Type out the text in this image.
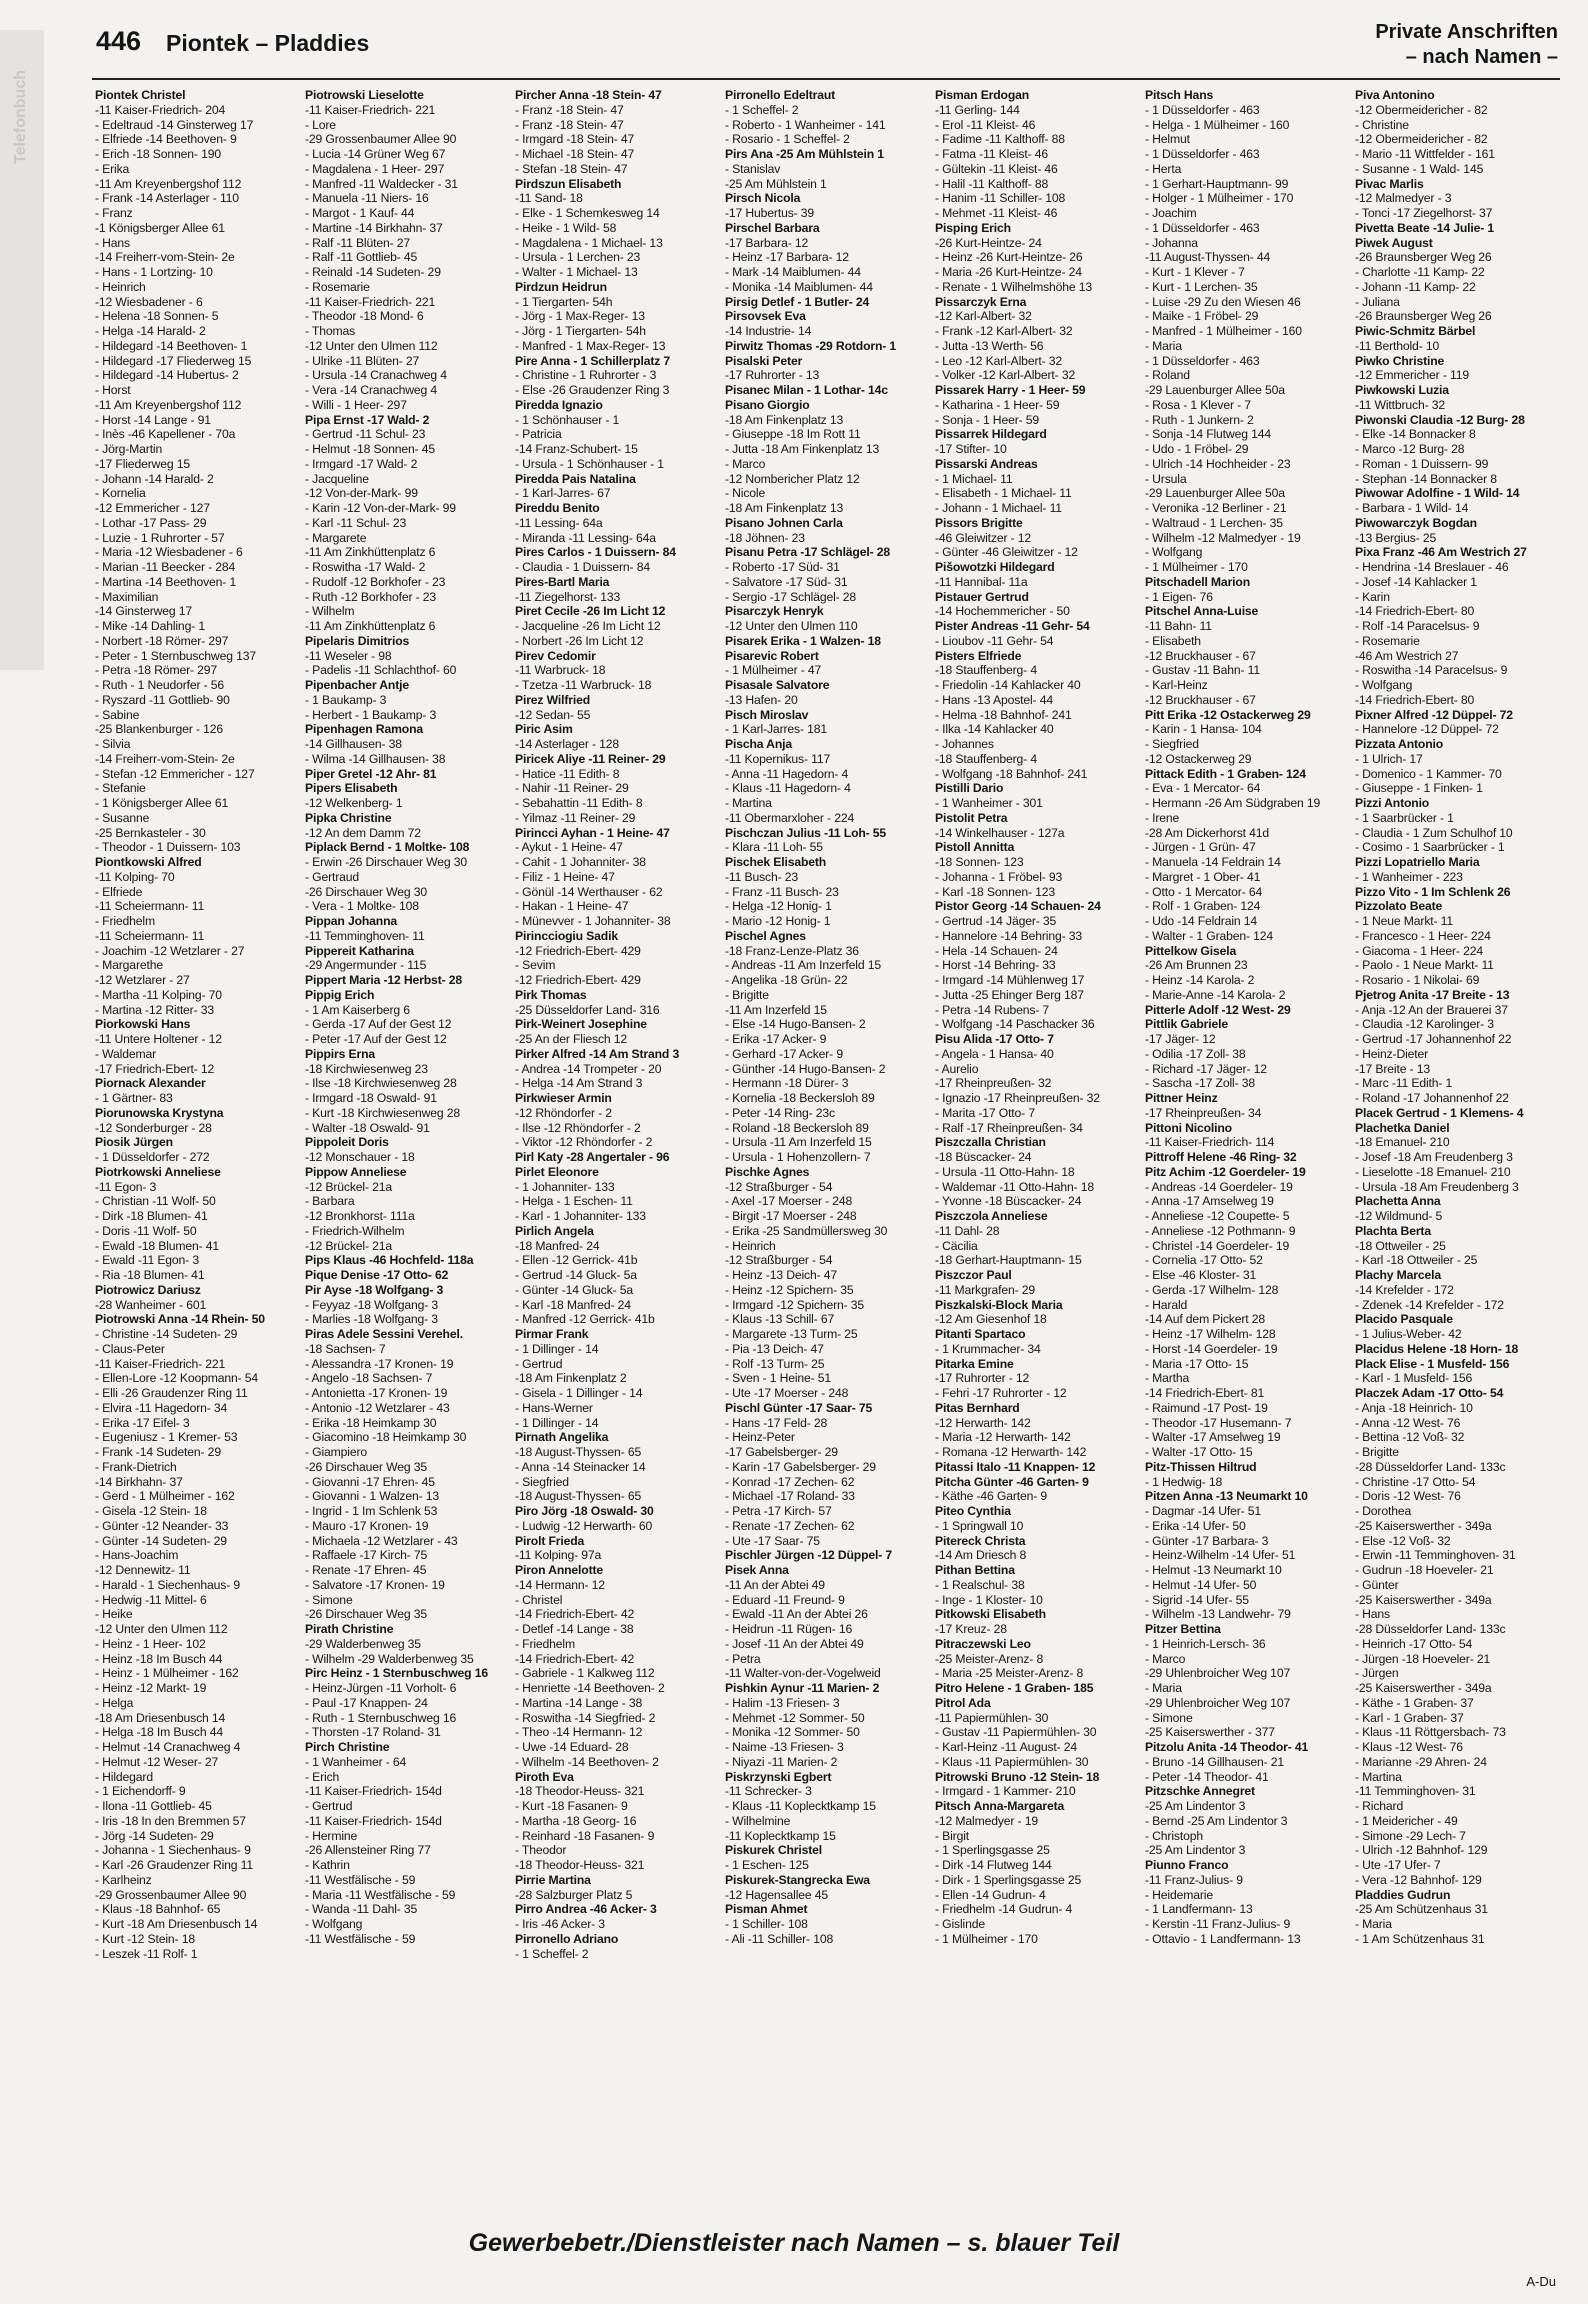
Telefonbuch
446 Piontek – Pladdies	Private Anschriften
– nach Namen –
Piontek Christel
-11 Kaiser-Friedrich- 204
- Edeltraud -14 Ginsterweg 17
- Elfriede -14 Beethoven- 9
- Erich -18 Sonnen- 190
- Erika
-11 Am Kreyenbergshof 112
- Frank -14 Asterlager - 110
- Franz
-1 Königsberger Allee 61
- Hans
-14 Freiherr-vom-Stein- 2e
- Hans - 1 Lortzing- 10
- Heinrich
-12 Wiesbadener - 6
- Helena -18 Sonnen- 5
- Helga -14 Harald- 2
- Hildegard -14 Beethoven- 1
- Hildegard -17 Fliederweg 15
- Hildegard -14 Hubertus- 2
- Horst
-11 Am Kreyenbergshof 112
- Horst -14 Lange - 91
- Inès -46 Kapellener - 70a
- Jörg-Martin
-17 Fliederweg 15
- Johann -14 Harald- 2
- Kornelia
-12 Emmericher - 127
- Lothar -17 Pass- 29
- Luzie - 1 Ruhrorter - 57
- Maria -12 Wiesbadener - 6
- Marian -11 Beecker - 284
- Martina -14 Beethoven- 1
- Maximilian
-14 Ginsterweg 17
- Mike -14 Dahling- 1
- Norbert -18 Römer- 297
- Peter - 1 Sternbuschweg 137
- Petra -18 Römer- 297
- Ruth - 1 Neudorfer - 56
- Ryszard -11 Gottlieb- 90
- Sabine
-25 Blankenburger - 126
- Silvia
-14 Freiherr-vom-Stein- 2e
- Stefan -12 Emmericher - 127
- Stefanie
- 1 Königsberger Allee 61
- Susanne
-25 Bernkasteler - 30
- Theodor - 1 Duissern- 103
Piontkowski Alfred
-11 Kolping- 70
- Elfriede
-11 Scheiermann- 11
- Friedhelm
-11 Scheiermann- 11
- Joachim -12 Wetzlarer - 27
- Margarethe
-12 Wetzlarer - 27
- Martha -11 Kolping- 70
- Martina -12 Ritter- 33
Piorkowski Hans
-11 Untere Holtener - 12
- Waldemar
-17 Friedrich-Ebert- 12
Piornack Alexander
- 1 Gärtner- 83
Piorunowska Krystyna
-12 Sonderburger - 28
Piosik Jürgen
- 1 Düsseldorfer - 272
Piotrkowski Anneliese
-11 Egon- 3
- Christian -11 Wolf- 50
- Dirk -18 Blumen- 41
- Doris -11 Wolf- 50
- Ewald -18 Blumen- 41
- Ewald -11 Egon- 3
- Ria -18 Blumen- 41
Piotrowicz Dariusz
-28 Wanheimer - 601
Piotrowski Anna -14 Rhein- 50
- Christine -14 Sudeten- 29
- Claus-Peter
-11 Kaiser-Friedrich- 221
- Ellen-Lore -12 Koopmann- 54
- Elli -26 Graudenzer Ring 11
- Elvira -11 Hagedorn- 34
- Erika -17 Eifel- 3
- Eugeniusz - 1 Kremer- 53
- Frank -14 Sudeten- 29
- Frank-Dietrich
-14 Birkhahn- 37
- Gerd - 1 Mülheimer - 162
- Gisela -12 Stein- 18
- Günter -12 Neander- 33
- Günter -14 Sudeten- 29
- Hans-Joachim
-12 Dennewitz- 11
- Harald - 1 Siechenhaus- 9
- Hedwig -11 Mittel- 6
- Heike
-12 Unter den Ulmen 112
- Heinz - 1 Heer- 102
- Heinz -18 Im Busch 44
- Heinz - 1 Mülheimer - 162
- Heinz -12 Markt- 19
- Helga
-18 Am Driesenbusch 14
- Helga -18 Im Busch 44
- Helmut -14 Cranachweg 4
- Helmut -12 Weser- 27
- Hildegard
- 1 Eichendorff- 9
- Ilona -11 Gottlieb- 45
- Iris -18 In den Bremmen 57
- Jörg -14 Sudeten- 29
- Johanna - 1 Siechenhaus- 9
- Karl -26 Graudenzer Ring 11
- Karlheinz
-29 Grossenbaumer Allee 90
- Klaus -18 Bahnhof- 65
- Kurt -18 Am Driesenbusch 14
- Kurt -12 Stein- 18
- Leszek -11 Rolf- 1
Piotrowski Lieselotte
-11 Kaiser-Friedrich- 221
- Lore
-29 Grossenbaumer Allee 90
- Lucia -14 Grüner Weg 67
- Magdalena - 1 Heer- 297
- Manfred -11 Waldecker - 31
- Manuela -11 Niers- 16
- Margot - 1 Kauf- 44
- Martine -14 Birkhahn- 37
- Ralf -11 Blüten- 27
- Ralf -11 Gottlieb- 45
- Reinald -14 Sudeten- 29
- Rosemarie
-11 Kaiser-Friedrich- 221
- Theodor -18 Mond- 6
- Thomas
-12 Unter den Ulmen 112
- Ulrike -11 Blüten- 27
- Ursula -14 Cranachweg 4
- Vera -14 Cranachweg 4
- Willi - 1 Heer- 297
Pipa Ernst -17 Wald- 2
- Gertrud -11 Schul- 23
- Helmut -18 Sonnen- 45
- Irmgard -17 Wald- 2
- Jacqueline
-12 Von-der-Mark- 99
- Karin -12 Von-der-Mark- 99
- Karl -11 Schul- 23
- Margarete
-11 Am Zinkhüttenplatz 6
- Roswitha -17 Wald- 2
- Rudolf -12 Borkhofer - 23
- Ruth -12 Borkhofer - 23
- Wilhelm
-11 Am Zinkhüttenplatz 6
Pipelaris Dimitrios
-11 Weseler - 98
- Padelis -11 Schlachthof- 60
Pipenbacher Antje
- 1 Baukamp- 3
- Herbert - 1 Baukamp- 3
Pipenhagen Ramona
-14 Gillhausen- 38
- Wilma -14 Gillhausen- 38
Piper Gretel -12 Ahr- 81
Pipers Elisabeth
-12 Welkenberg- 1
Pipka Christine
-12 An dem Damm 72
Piplack Bernd - 1 Moltke- 108
- Erwin -26 Dirschauer Weg 30
- Gertraud
-26 Dirschauer Weg 30
- Vera - 1 Moltke- 108
Pippan Johanna
-11 Temminghoven- 11
Pippereit Katharina
-29 Angermunder - 115
Pippert Maria -12 Herbst- 28
Pippig Erich
- 1 Am Kaiserberg 6
- Gerda -17 Auf der Gest 12
- Peter -17 Auf der Gest 12
Pippirs Erna
-18 Kirchwiesenweg 23
- Ilse -18 Kirchwiesenweg 28
- Irmgard -18 Oswald- 91
- Kurt -18 Kirchwiesenweg 28
- Walter -18 Oswald- 91
Pippoleit Doris
-12 Monschauer - 18
Pippow Anneliese
-12 Brückel- 21a
- Barbara
-12 Bronkhorst- 111a
- Friedrich-Wilhelm
-12 Brückel- 21a
Pips Klaus -46 Hochfeld- 118a
Pique Denise -17 Otto- 62
Pir Ayse -18 Wolfgang- 3
- Feyyaz -18 Wolfgang- 3
- Marlies -18 Wolfgang- 3
Piras Adele Sessini Verehel.
-18 Sachsen- 7
- Alessandra -17 Kronen- 19
- Angelo -18 Sachsen- 7
- Antonietta -17 Kronen- 19
- Antonio -12 Wetzlarer - 43
- Erika -18 Heimkamp 30
- Giacomino -18 Heimkamp 30
- Giampiero
-26 Dirschauer Weg 35
- Giovanni -17 Ehren- 45
- Giovanni - 1 Walzen- 13
- Ingrid - 1 Im Schlenk 53
- Mauro -17 Kronen- 19
- Michaela -12 Wetzlarer - 43
- Raffaele -17 Kirch- 75
- Renate -17 Ehren- 45
- Salvatore -17 Kronen- 19
- Simone
-26 Dirschauer Weg 35
Pirath Christine
-29 Walderbenweg 35
- Wilhelm -29 Walderbenweg 35
Pirc Heinz - 1 Sternbuschweg 16
- Heinz-Jürgen -11 Vorholt- 6
- Paul -17 Knappen- 24
- Ruth - 1 Sternbuschweg 16
- Thorsten -17 Roland- 31
Pirch Christine
- 1 Wanheimer - 64
- Erich
-11 Kaiser-Friedrich- 154d
- Gertrud
-11 Kaiser-Friedrich- 154d
- Hermine
-26 Allensteiner Ring 77
- Kathrin
-11 Westfälische - 59
- Maria -11 Westfälische - 59
- Wanda -11 Dahl- 35
- Wolfgang
-11 Westfälische - 59
Pircher Anna -18 Stein- 47
- Franz -18 Stein- 47
- Franz -18 Stein- 47
- Irmgard -18 Stein- 47
- Michael -18 Stein- 47
- Stefan -18 Stein- 47
Pirdszun Elisabeth
-11 Sand- 18
- Elke - 1 Schemkesweg 14
- Heike - 1 Wild- 58
- Magdalena - 1 Michael- 13
- Ursula - 1 Lerchen- 23
- Walter - 1 Michael- 13
Pirdzun Heidrun
- 1 Tiergarten- 54h
- Jörg - 1 Max-Reger- 13
- Jörg - 1 Tiergarten- 54h
- Manfred - 1 Max-Reger- 13
Pire Anna - 1 Schillerplatz 7
- Christine - 1 Ruhrorter - 3
- Else -26 Graudenzer Ring 3
Piredda Ignazio
- 1 Schönhauser - 1
- Patricia
-14 Franz-Schubert- 15
- Ursula - 1 Schönhauser - 1
Piredda Pais Natalina
- 1 Karl-Jarres- 67
Pireddu Benito
-11 Lessing- 64a
- Miranda -11 Lessing- 64a
Pires Carlos - 1 Duissern- 84
- Claudia - 1 Duissern- 84
Pires-Bartl Maria
-11 Ziegelhorst- 133
Piret Cecile -26 Im Licht 12
- Jacqueline -26 Im Licht 12
- Norbert -26 Im Licht 12
Pirev Cedomir
-11 Warbruck- 18
- Tzetza -11 Warbruck- 18
Pirez Wilfried
-12 Sedan- 55
Piric Asim
-14 Asterlager - 128
Piricek Aliye -11 Reiner- 29
- Hatice -11 Edith- 8
- Nahir -11 Reiner- 29
- Sebahattin -11 Edith- 8
- Yilmaz -11 Reiner- 29
Pirincci Ayhan - 1 Heine- 47
- Aykut - 1 Heine- 47
- Cahit - 1 Johanniter- 38
- Filiz - 1 Heine- 47
- Gönül -14 Werthauser - 62
- Hakan - 1 Heine- 47
- Münevver - 1 Johanniter- 38
Pirincciogiu Sadik
-12 Friedrich-Ebert- 429
- Sevim
-12 Friedrich-Ebert- 429
Pirk Thomas
-25 Düsseldorfer Land- 316
Pirk-Weinert Josephine
-25 An der Fliesch 12
Pirker Alfred -14 Am Strand 3
- Andrea -14 Trompeter - 20
- Helga -14 Am Strand 3
Pirkwieser Armin
-12 Rhöndorfer - 2
- Ilse -12 Rhöndorfer - 2
- Viktor -12 Rhöndorfer - 2
Pirl Katy -28 Angertaler - 96
Pirlet Eleonore
- 1 Johanniter- 133
- Helga - 1 Eschen- 11
- Karl - 1 Johanniter- 133
Pirlich Angela
-18 Manfred- 24
- Ellen -12 Gerrick- 41b
- Gertrud -14 Gluck- 5a
- Günter -14 Gluck- 5a
- Karl -18 Manfred- 24
- Manfred -12 Gerrick- 41b
Pirmar Frank
- 1 Dillinger - 14
- Gertrud
-18 Am Finkenplatz 2
- Gisela - 1 Dillinger - 14
- Hans-Werner
- 1 Dillinger - 14
Pirnath Angelika
-18 August-Thyssen- 65
- Anna -14 Steinacker 14
- Siegfried
-18 August-Thyssen- 65
Piro Jörg -18 Oswald- 30
- Ludwig -12 Herwarth- 60
Pirolt Frieda
-11 Kolping- 97a
Piron Annelotte
-14 Hermann- 12
- Christel
-14 Friedrich-Ebert- 42
- Detlef -14 Lange - 38
- Friedhelm
-14 Friedrich-Ebert- 42
- Gabriele - 1 Kalkweg 112
- Henriette -14 Beethoven- 2
- Martina -14 Lange - 38
- Roswitha -14 Siegfried- 2
- Theo -14 Hermann- 12
- Uwe -14 Eduard- 28
- Wilhelm -14 Beethoven- 2
Piroth Eva
-18 Theodor-Heuss- 321
- Kurt -18 Fasanen- 9
- Martha -18 Georg- 16
- Reinhard -18 Fasanen- 9
- Theodor
-18 Theodor-Heuss- 321
Pirrie Martina
-28 Salzburger Platz 5
Pirro Andrea -46 Acker- 3
- Iris -46 Acker- 3
Pirronello Adriano
- 1 Scheffel- 2
Pirronello Edeltraut
- 1 Scheffel- 2
- Roberto - 1 Wanheimer - 141
- Rosario - 1 Scheffel- 2
Pirs Ana -25 Am Mühlstein 1
- Stanislav
-25 Am Mühlstein 1
Pirsch Nicola
-17 Hubertus- 39
Pirschel Barbara
-17 Barbara- 12
- Heinz -17 Barbara- 12
- Mark -14 Maiblumen- 44
- Monika -14 Maiblumen- 44
Pirsig Detlef - 1 Butler- 24
Pirsovsek Eva
-14 Industrie- 14
Pirwitz Thomas -29 Rotdorn- 1
Pisalski Peter
-17 Ruhrorter - 13
Pisanec Milan - 1 Lothar- 14c
Pisano Giorgio
-18 Am Finkenplatz 13
- Giuseppe -18 Im Rott 11
- Jutta -18 Am Finkenplatz 13
- Marco
-12 Nombericher Platz 12
- Nicole
-18 Am Finkenplatz 13
Pisano Johnen Carla
-18 Jöhnen- 23
Pisanu Petra -17 Schlägel- 28
- Roberto -17 Süd- 31
- Salvatore -17 Süd- 31
- Sergio -17 Schlägel- 28
Pisarczyk Henryk
-12 Unter den Ulmen 110
Pisarek Erika - 1 Walzen- 18
Pisarevic Robert
- 1 Mülheimer - 47
Pisasale Salvatore
-13 Hafen- 20
Pisch Miroslav
- 1 Karl-Jarres- 181
Pischa Anja
-11 Kopernikus- 117
- Anna -11 Hagedorn- 4
- Klaus -11 Hagedorn- 4
- Martina
-11 Obermarxloher - 224
Pischczan Julius -11 Loh- 55
- Klara -11 Loh- 55
Pischek Elisabeth
-11 Busch- 23
- Franz -11 Busch- 23
- Helga -12 Honig- 1
- Mario -12 Honig- 1
Pischel Agnes
-18 Franz-Lenze-Platz 36
- Andreas -11 Am Inzerfeld 15
- Angelika -18 Grün- 22
- Brigitte
-11 Am Inzerfeld 15
- Else -14 Hugo-Bansen- 2
- Erika -17 Acker- 9
- Gerhard -17 Acker- 9
- Günther -14 Hugo-Bansen- 2
- Hermann -18 Dürer- 3
- Kornelia -18 Beckersloh 89
- Peter -14 Ring- 23c
- Roland -18 Beckersloh 89
- Ursula -11 Am Inzerfeld 15
- Ursula - 1 Hohenzollern- 7
Pischke Agnes
-12 Straßburger - 54
- Axel -17 Moerser - 248
- Birgit -17 Moerser - 248
- Erika -25 Sandmüllersweg 30
- Heinrich
-12 Straßburger - 54
- Heinz -13 Deich- 47
- Heinz -12 Spichern- 35
- Irmgard -12 Spichern- 35
- Klaus -13 Schill- 67
- Margarete -13 Turm- 25
- Pia -13 Deich- 47
- Rolf -13 Turm- 25
- Sven - 1 Heine- 51
- Ute -17 Moerser - 248
Pischl Günter -17 Saar- 75
- Hans -17 Feld- 28
- Heinz-Peter
-17 Gabelsberger- 29
- Karin -17 Gabelsberger- 29
- Konrad -17 Zechen- 62
- Michael -17 Roland- 33
- Petra -17 Kirch- 57
- Renate -17 Zechen- 62
- Ute -17 Saar- 75
Pischler Jürgen -12 Düppel- 7
Pisek Anna
-11 An der Abtei 49
- Eduard -11 Freund- 9
- Ewald -11 An der Abtei 26
- Heidrun -11 Rügen- 16
- Josef -11 An der Abtei 49
- Petra
-11 Walter-von-der-Vogelweid
Pishkin Aynur -11 Marien- 2
- Halim -13 Friesen- 3
- Mehmet -12 Sommer- 50
- Monika -12 Sommer- 50
- Naime -13 Friesen- 3
- Niyazi -11 Marien- 2
Piskrzynski Egbert
-11 Schrecker- 3
- Klaus -11 Koplecktkamp 15
- Wilhelmine
-11 Koplecktkamp 15
Piskurek Christel
- 1 Eschen- 125
Piskurek-Stangrecka Ewa
-12 Hagensallee 45
Pisman Ahmet
- 1 Schiller- 108
- Ali -11 Schiller- 108
Pisman Erdogan
-11 Gerling- 144
- Erol -11 Kleist- 46
- Fadime -11 Kalthoff- 88
- Fatma -11 Kleist- 46
- Gültekin -11 Kleist- 46
- Halil -11 Kalthoff- 88
- Hanim -11 Schiller- 108
- Mehmet -11 Kleist- 46
Pisping Erich
-26 Kurt-Heintze- 24
- Heinz -26 Kurt-Heintze- 26
- Maria -26 Kurt-Heintze- 24
- Renate - 1 Wilhelmshöhe 13
Pissarczyk Erna
-12 Karl-Albert- 32
- Frank -12 Karl-Albert- 32
- Jutta -13 Werth- 56
- Leo -12 Karl-Albert- 32
- Volker -12 Karl-Albert- 32
Pissarek Harry - 1 Heer- 59
- Katharina - 1 Heer- 59
- Sonja - 1 Heer- 59
Pissarrek Hildegard
-17 Stifter- 10
Pissarski Andreas
- 1 Michael- 11
- Elisabeth - 1 Michael- 11
- Johann - 1 Michael- 11
Pissors Brigitte
-46 Gleiwitzer - 12
- Günter -46 Gleiwitzer - 12
Pišowotzki Hildegard
-11 Hannibal- 11a
Pistauer Gertrud
-14 Hochemmericher - 50
Pister Andreas -11 Gehr- 54
- Lioubov -11 Gehr- 54
Pisters Elfriede
-18 Stauffenberg- 4
- Friedolin -14 Kahlacker 40
- Hans -13 Apostel- 44
- Helma -18 Bahnhof- 241
- Ilka -14 Kahlacker 40
- Johannes
-18 Stauffenberg- 4
- Wolfgang -18 Bahnhof- 241
Pistilli Dario
- 1 Wanheimer - 301
Pistolit Petra
-14 Winkelhauser - 127a
Pistoll Annitta
-18 Sonnen- 123
- Johanna - 1 Fröbel- 93
- Karl -18 Sonnen- 123
Pistor Georg -14 Schauen- 24
- Gertrud -14 Jäger- 35
- Hannelore -14 Behring- 33
- Hela -14 Schauen- 24
- Horst -14 Behring- 33
- Irmgard -14 Mühlenweg 17
- Jutta -25 Ehinger Berg 187
- Petra -14 Rubens- 7
- Wolfgang -14 Paschacker 36
Pisu Alida -17 Otto- 7
- Angela - 1 Hansa- 40
- Aurelio
-17 Rheinpreußen- 32
- Ignazio -17 Rheinpreußen- 32
- Marita -17 Otto- 7
- Ralf -17 Rheinpreußen- 34
Piszczalla Christian
-18 Büscacker- 24
- Ursula -11 Otto-Hahn- 18
- Waldemar -11 Otto-Hahn- 18
- Yvonne -18 Büscacker- 24
Piszczola Anneliese
-11 Dahl- 28
- Cäcilia
-18 Gerhart-Hauptmann- 15
Piszczor Paul
-11 Markgrafen- 29
Piszkalski-Block Maria
-12 Am Giesenhof 18
Pitanti Spartaco
- 1 Krummacher- 34
Pitarka Emine
-17 Ruhrorter - 12
- Fehri -17 Ruhrorter - 12
Pitas Bernhard
-12 Herwarth- 142
- Maria -12 Herwarth- 142
- Romana -12 Herwarth- 142
Pitassi Italo -11 Knappen- 12
Pitcha Günter -46 Garten- 9
- Käthe -46 Garten- 9
Piteo Cynthia
- 1 Springwall 10
Pitereck Christa
-14 Am Driesch 8
Pithan Bettina
- 1 Realschul- 38
- Inge - 1 Kloster- 10
Pitkowski Elisabeth
-17 Kreuz- 28
Pitraczewski Leo
-25 Meister-Arenz- 8
- Maria -25 Meister-Arenz- 8
Pitro Helene - 1 Graben- 185
Pitrol Ada
-11 Papiermühlen- 30
- Gustav -11 Papiermühlen- 30
- Karl-Heinz -11 August- 24
- Klaus -11 Papiermühlen- 30
Pitrowski Bruno -12 Stein- 18
- Irmgard - 1 Kammer- 210
Pitsch Anna-Margareta
-12 Malmedyer - 19
- Birgit
- 1 Sperlingsgasse 25
- Dirk -14 Flutweg 144
- Dirk - 1 Sperlingsgasse 25
- Ellen -14 Gudrun- 4
- Friedhelm -14 Gudrun- 4
- Gislinde
- 1 Mülheimer - 170
Pitsch Hans
- 1 Düsseldorfer - 463
- Helga - 1 Mülheimer - 160
- Helmut
- 1 Düsseldorfer - 463
- Herta
- 1 Gerhart-Hauptmann- 99
- Holger - 1 Mülheimer - 170
- Joachim
- 1 Düsseldorfer - 463
- Johanna
-11 August-Thyssen- 44
- Kurt - 1 Klever - 7
- Kurt - 1 Lerchen- 35
- Luise -29 Zu den Wiesen 46
- Maike - 1 Fröbel- 29
- Manfred - 1 Mülheimer - 160
- Maria
- 1 Düsseldorfer - 463
- Roland
-29 Lauenburger Allee 50a
- Rosa - 1 Klever - 7
- Ruth - 1 Junkern- 2
- Sonja -14 Flutweg 144
- Udo - 1 Fröbel- 29
- Ulrich -14 Hochheider - 23
- Ursula
-29 Lauenburger Allee 50a
- Veronika -12 Berliner - 21
- Waltraud - 1 Lerchen- 35
- Wilhelm -12 Malmedyer - 19
- Wolfgang
- 1 Mülheimer - 170
Pitschadell Marion
- 1 Eigen- 76
Pitschel Anna-Luise
-11 Bahn- 11
- Elisabeth
-12 Bruckhauser - 67
- Gustav -11 Bahn- 11
- Karl-Heinz
-12 Bruckhauser - 67
Pitt Erika -12 Ostackerweg 29
- Karin - 1 Hansa- 104
- Siegfried
-12 Ostackerweg 29
Pittack Edith - 1 Graben- 124
- Eva - 1 Mercator- 64
- Hermann -26 Am Südgraben 19
- Irene
-28 Am Dickerhorst 41d
- Jürgen - 1 Grün- 47
- Manuela -14 Feldrain 14
- Margret - 1 Ober- 41
- Otto - 1 Mercator- 64
- Rolf - 1 Graben- 124
- Udo -14 Feldrain 14
- Walter - 1 Graben- 124
Pittelkow Gisela
-26 Am Brunnen 23
- Heinz -14 Karola- 2
- Marie-Anne -14 Karola- 2
Pitterle Adolf -12 West- 29
Pittlik Gabriele
-17 Jäger- 12
- Odilia -17 Zoll- 38
- Richard -17 Jäger- 12
- Sascha -17 Zoll- 38
Pittner Heinz
-17 Rheinpreußen- 34
Pittoni Nicolino
-11 Kaiser-Friedrich- 114
Pittroff Helene -46 Ring- 32
Pitz Achim -12 Goerdeler- 19
- Andreas -14 Goerdeler- 19
- Anna -17 Amselweg 19
- Anneliese -12 Coupette- 5
- Anneliese -12 Pothmann- 9
- Christel -14 Goerdeler- 19
- Cornelia -17 Otto- 52
- Else -46 Kloster- 31
- Gerda -17 Wilhelm- 128
- Harald
-14 Auf dem Pickert 28
- Heinz -17 Wilhelm- 128
- Horst -14 Goerdeler- 19
- Maria -17 Otto- 15
- Martha
-14 Friedrich-Ebert- 81
- Raimund -17 Post- 19
- Theodor -17 Husemann- 7
- Walter -17 Amselweg 19
- Walter -17 Otto- 15
Pitz-Thissen Hiltrud
- 1 Hedwig- 18
Pitzen Anna -13 Neumarkt 10
- Dagmar -14 Ufer- 51
- Erika -14 Ufer- 50
- Günter -17 Barbara- 3
- Heinz-Wilhelm -14 Ufer- 51
- Helmut -13 Neumarkt 10
- Helmut -14 Ufer- 50
- Sigrid -14 Ufer- 55
- Wilhelm -13 Landwehr- 79
Pitzer Bettina
- 1 Heinrich-Lersch- 36
- Marco
-29 Uhlenbroicher Weg 107
- Maria
-29 Uhlenbroicher Weg 107
- Simone
-25 Kaiserswerther - 377
Pitzolu Anita -14 Theodor- 41
- Bruno -14 Gillhausen- 21
- Peter -14 Theodor- 41
Pitzschke Annegret
-25 Am Lindentor 3
- Bernd -25 Am Lindentor 3
- Christoph
-25 Am Lindentor 3
Piunno Franco
-11 Franz-Julius- 9
- Heidemarie
- 1 Landfermann- 13
- Kerstin -11 Franz-Julius- 9
- Ottavio - 1 Landfermann- 13
Piva Antonino
-12 Obermeidericher - 82
- Christine
-12 Obermeidericher - 82
- Mario -11 Wittfelder - 161
- Susanne - 1 Wald- 145
Pivac Marlis
-12 Malmedyer - 3
- Tonci -17 Ziegelhorst- 37
Pivetta Beate -14 Julie- 1
Piwek August
-26 Braunsberger Weg 26
- Charlotte -11 Kamp- 22
- Johann -11 Kamp- 22
- Juliana
-26 Braunsberger Weg 26
Piwic-Schmitz Bärbel
-11 Berthold- 10
Piwko Christine
-12 Emmericher - 119
Piwkowski Luzia
-11 Wittbruch- 32
Piwonski Claudia -12 Burg- 28
- Elke -14 Bonnacker 8
- Marco -12 Burg- 28
- Roman - 1 Duissern- 99
- Stephan -14 Bonnacker 8
Piwowar Adolfine - 1 Wild- 14
- Barbara - 1 Wild- 14
Piwowarczyk Bogdan
-13 Bergius- 25
Pixa Franz -46 Am Westrich 27
- Hendrina -14 Breslauer - 46
- Josef -14 Kahlacker 1
- Karin
-14 Friedrich-Ebert- 80
- Rolf -14 Paracelsus- 9
- Rosemarie
-46 Am Westrich 27
- Roswitha -14 Paracelsus- 9
- Wolfgang
-14 Friedrich-Ebert- 80
Pixner Alfred -12 Düppel- 72
- Hannelore -12 Düppel- 72
Pizzata Antonio
- 1 Ulrich- 17
- Domenico - 1 Kammer- 70
- Giuseppe - 1 Finken- 1
Pizzi Antonio
- 1 Saarbrücker - 1
- Claudia - 1 Zum Schulhof 10
- Cosimo - 1 Saarbrücker - 1
Pizzi Lopatriello Maria
- 1 Wanheimer - 223
Pizzo Vito - 1 Im Schlenk 26
Pizzolato Beate
- 1 Neue Markt- 11
- Francesco - 1 Heer- 224
- Giacoma - 1 Heer- 224
- Paolo - 1 Neue Markt- 11
- Rosario - 1 Nikolai- 69
Pjetrog Anita -17 Breite - 13
- Anja -12 An der Brauerei 37
- Claudia -12 Karolinger- 3
- Gertrud -17 Johannenhof 22
- Heinz-Dieter
-17 Breite - 13
- Marc -11 Edith- 1
- Roland -17 Johannenhof 22
Placek Gertrud - 1 Klemens- 4
Plachetka Daniel
-18 Emanuel- 210
- Josef -18 Am Freudenberg 3
- Lieselotte -18 Emanuel- 210
- Ursula -18 Am Freudenberg 3
Plachetta Anna
-12 Wildmund- 5
Plachta Berta
-18 Ottweiler - 25
- Karl -18 Ottweiler - 25
Plachy Marcela
-14 Krefelder - 172
- Zdenek -14 Krefelder - 172
Placido Pasquale
- 1 Julius-Weber- 42
Placidus Helene -18 Horn- 18
Plack Elise - 1 Musfeld- 156
- Karl - 1 Musfeld- 156
Placzek Adam -17 Otto- 54
- Anja -18 Heinrich- 10
- Anna -12 West- 76
- Bettina -12 Voß- 32
- Brigitte
-28 Düsseldorfer Land- 133c
- Christine -17 Otto- 54
- Doris -12 West- 76
- Dorothea
-25 Kaiserswerther - 349a
- Else -12 Voß- 32
- Erwin -11 Temminghoven- 31
- Gudrun -18 Hoeveler- 21
- Günter
-25 Kaiserswerther - 349a
- Hans
-28 Düsseldorfer Land- 133c
- Heinrich -17 Otto- 54
- Jürgen -18 Hoeveler- 21
- Jürgen
-25 Kaiserswerther - 349a
- Käthe - 1 Graben- 37
- Karl - 1 Graben- 37
- Klaus -11 Röttgersbach- 73
- Klaus -12 West- 76
- Marianne -29 Ahren- 24
- Martina
-11 Temminghoven- 31
- Richard
- 1 Meidericher - 49
- Simone -29 Lech- 7
- Ulrich -12 Bahnhof- 129
- Ute -17 Ufer- 7
- Vera -12 Bahnhof- 129
Pladdies Gudrun
-25 Am Schützenhaus 31
- Maria
- 1 Am Schützenhaus 31
Gewerbebetr./Dienstleister nach Namen – s. blauer Teil
A-Du
